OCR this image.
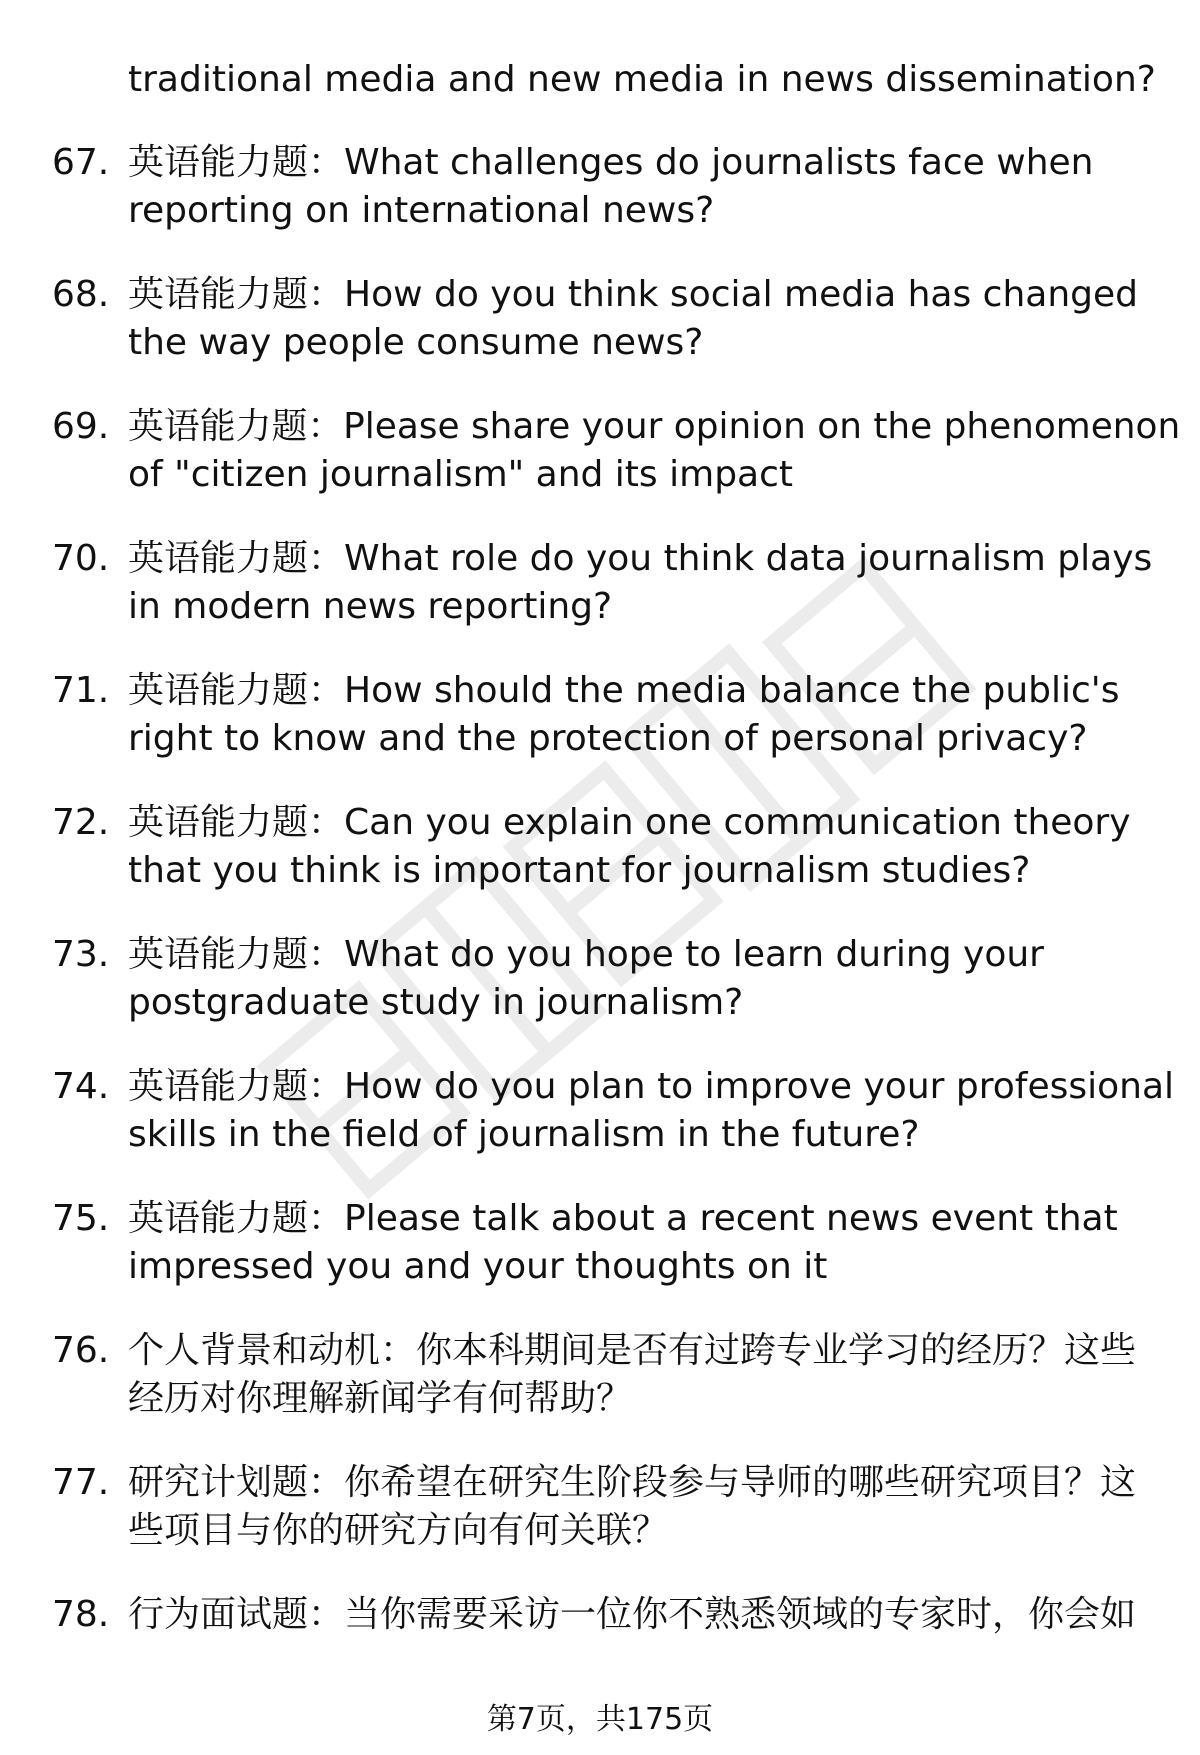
traditional media and new media in news dissemination?
67. 英语能力题：What challenges do journalists face when
reporting on international news?
68. 英语能力题：How do you think social media has changed
the way people consume news?
69. 英语能力题：Please share your opinion on the phenomenon
of "citizen journalism" and its impact
70. 英语能力题：What role do you think data journalism plays
in modern news reporting?
71. 英语能力题：How should the media balance the public's
right to know and the protection of personal privacy?
72. 英语能力题：Can you explain one communication theory
that you think is important for journalism studies?
73. 英语能力题：What do you hope to learn during your
postgraduate study in journalism?
74. 英语能力题：How do you plan to improve your professional
skills in the field of journalism in the future?
75. 英语能力题：Please talk about a recent news event that
impressed you and your thoughts on it
76. 个人背景和动机：你本科期间是否有过跨专业学习的经历？这些
经历对你理解新闻学有何帮助？
77. 研究计划题：你希望在研究生阶段参与导师的哪些研究项目？这
些项目与你的研究方向有何关联？
78. 行为面试题：当你需要采访一位你不熟悉领域的专家时，你会如
第7页，共175页
